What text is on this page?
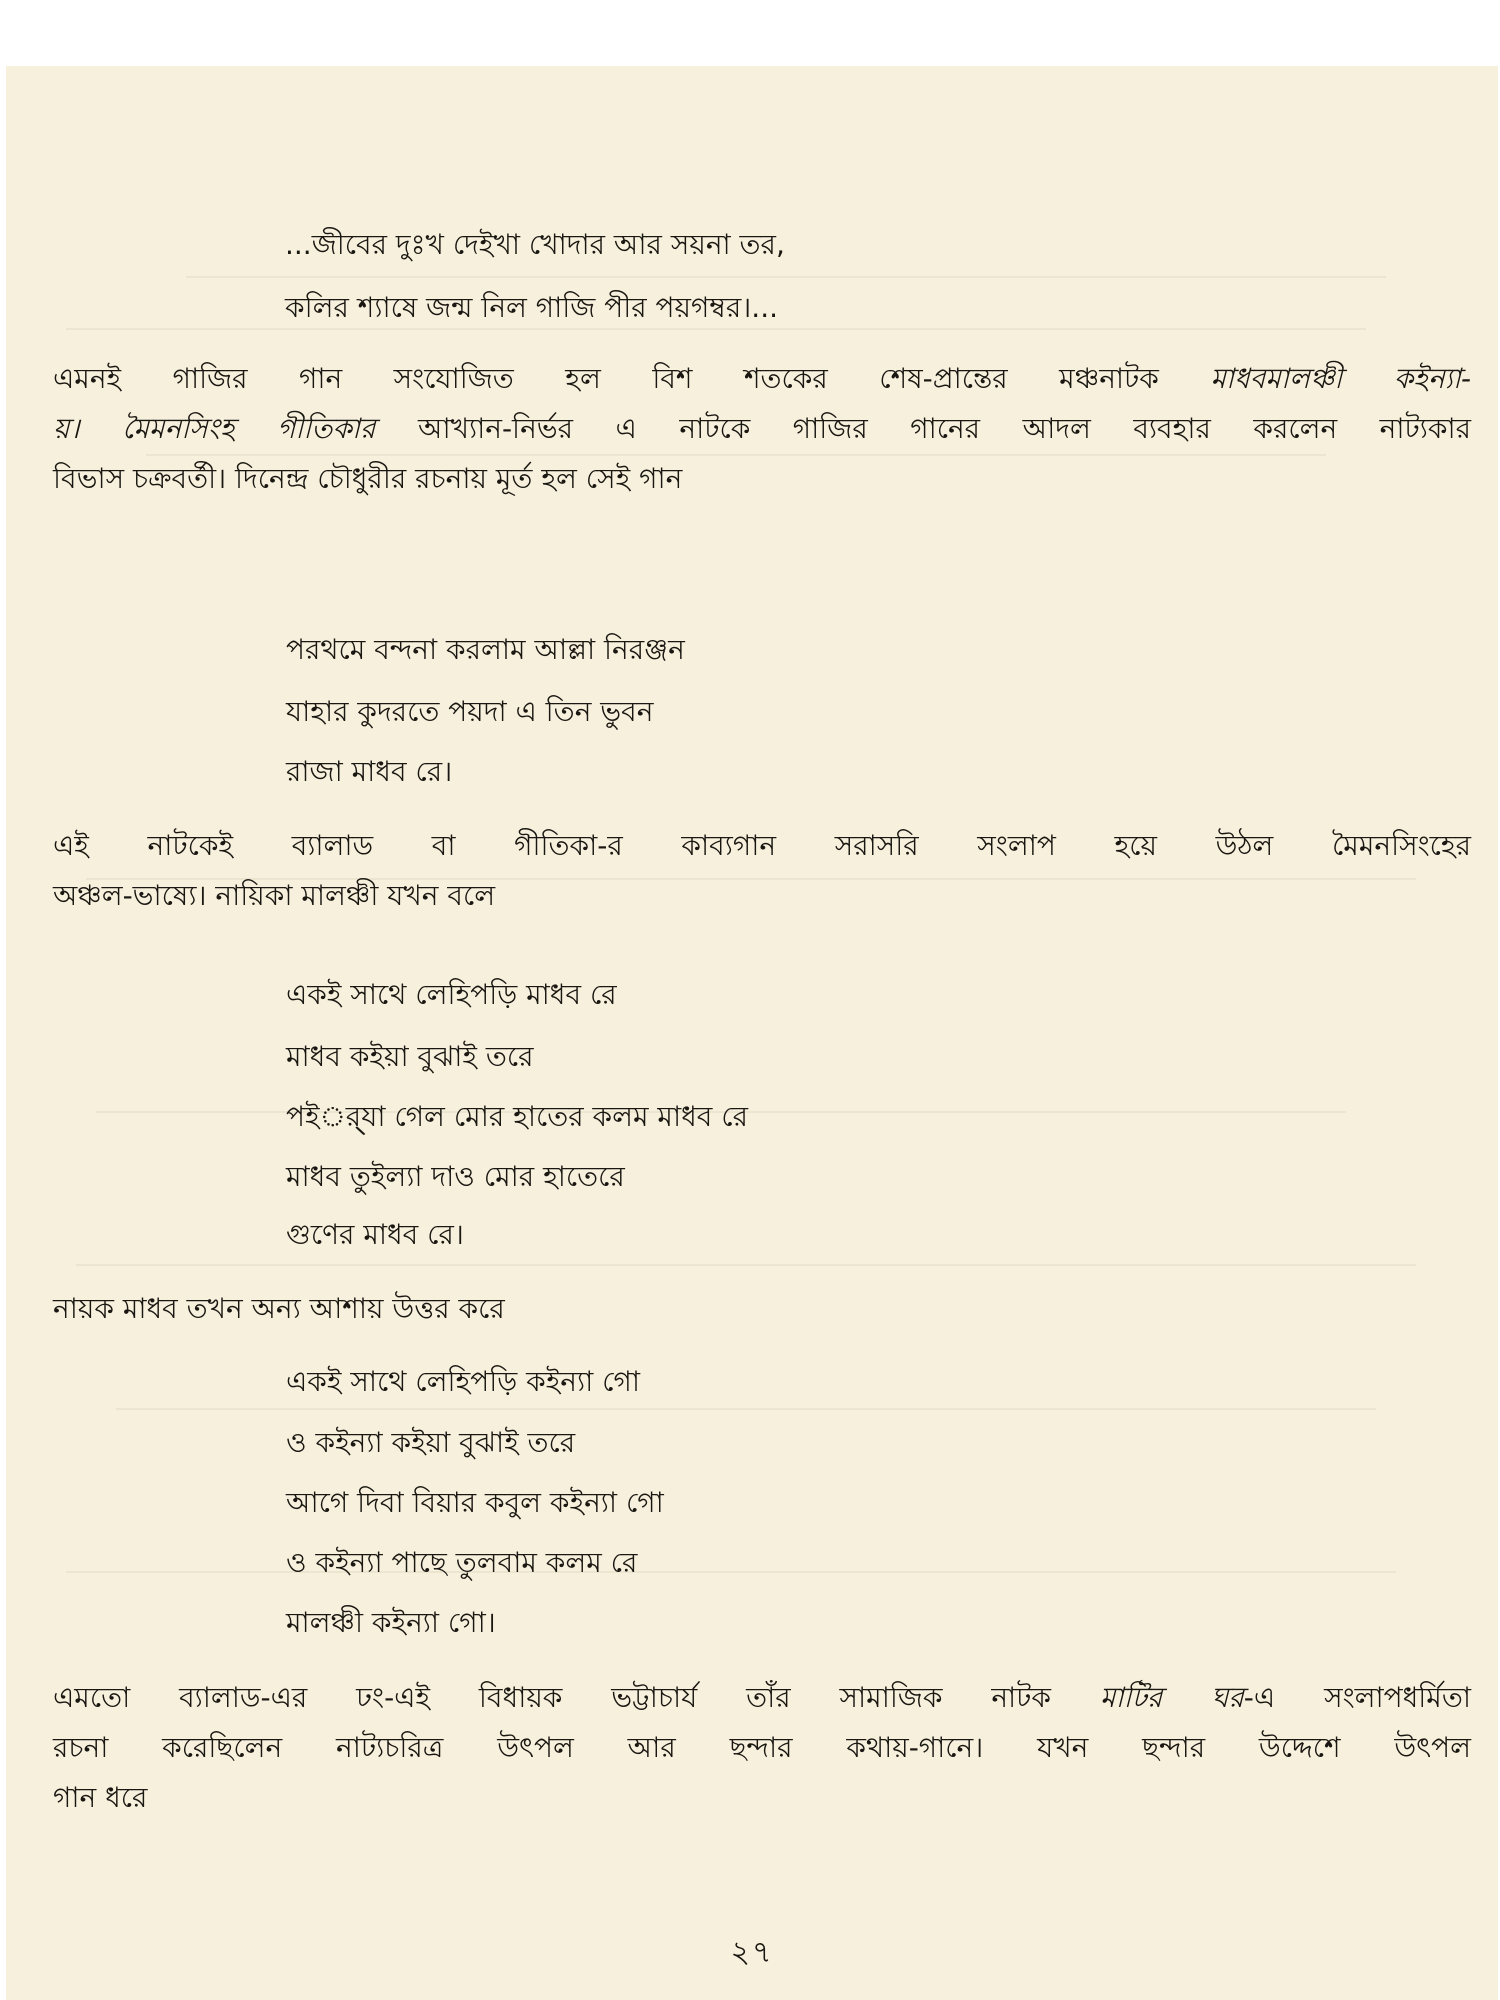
...জীবের দুঃখ দেইখা খোদার আর সয়না তর,

কলির শ্যাষে জন্ম নিল গাজি পীর পয়গম্বর।...

এমনই গাজির গান সংযোজিত হল বিশ শতকের শেষ-প্রান্তের মঞ্চনাটক মাধবমালঞ্চী কইন্যা-
য়। মৈমনসিংহ গীতিকার আখ্যান-নির্ভর এ নাটকে গাজির গানের আদল ব্যবহার করলেন নাট্যকার
বিভাস চক্রবর্তী। দিনেন্দ্র চৌধুরীর রচনায় মূর্ত হল সেই গান

পরথমে বন্দনা করলাম আল্লা নিরঞ্জন

যাহার কুদরতে পয়দা এ তিন ভুবন

রাজা মাধব রে।

এই নাটকেই ব্যালাড বা গীতিকা-র কাব্যগান সরাসরি সংলাপ হয়ে উঠল মৈমনসিংহের
অঞ্চল-ভাষ্যে। নায়িকা মালঞ্চী যখন বলে

একই সাথে লেহিপড়ি মাধব রে

মাধব কইয়া বুঝাই তরে

পইর্‍্যা গেল মোর হাতের কলম মাধব রে

মাধব তুইল্যা দাও মোর হাতেরে

গুণের মাধব রে।

নায়ক মাধব তখন অন্য আশায় উত্তর করে

একই সাথে লেহিপড়ি কইন্যা গো

ও কইন্যা কইয়া বুঝাই তরে

আগে দিবা বিয়ার কবুল কইন্যা গো

ও কইন্যা পাছে তুলবাম কলম রে

মালঞ্চী কইন্যা গো।

এমতো ব্যালাড-এর ঢং-এই বিধায়ক ভট্টাচার্য তাঁর সামাজিক নাটক মাটির ঘর-এ সংলাপধর্মিতা
রচনা করেছিলেন নাট্যচরিত্র উৎপল আর ছন্দার কথায়-গানে। যখন ছন্দার উদ্দেশে উৎপল
গান ধরে

২৭
